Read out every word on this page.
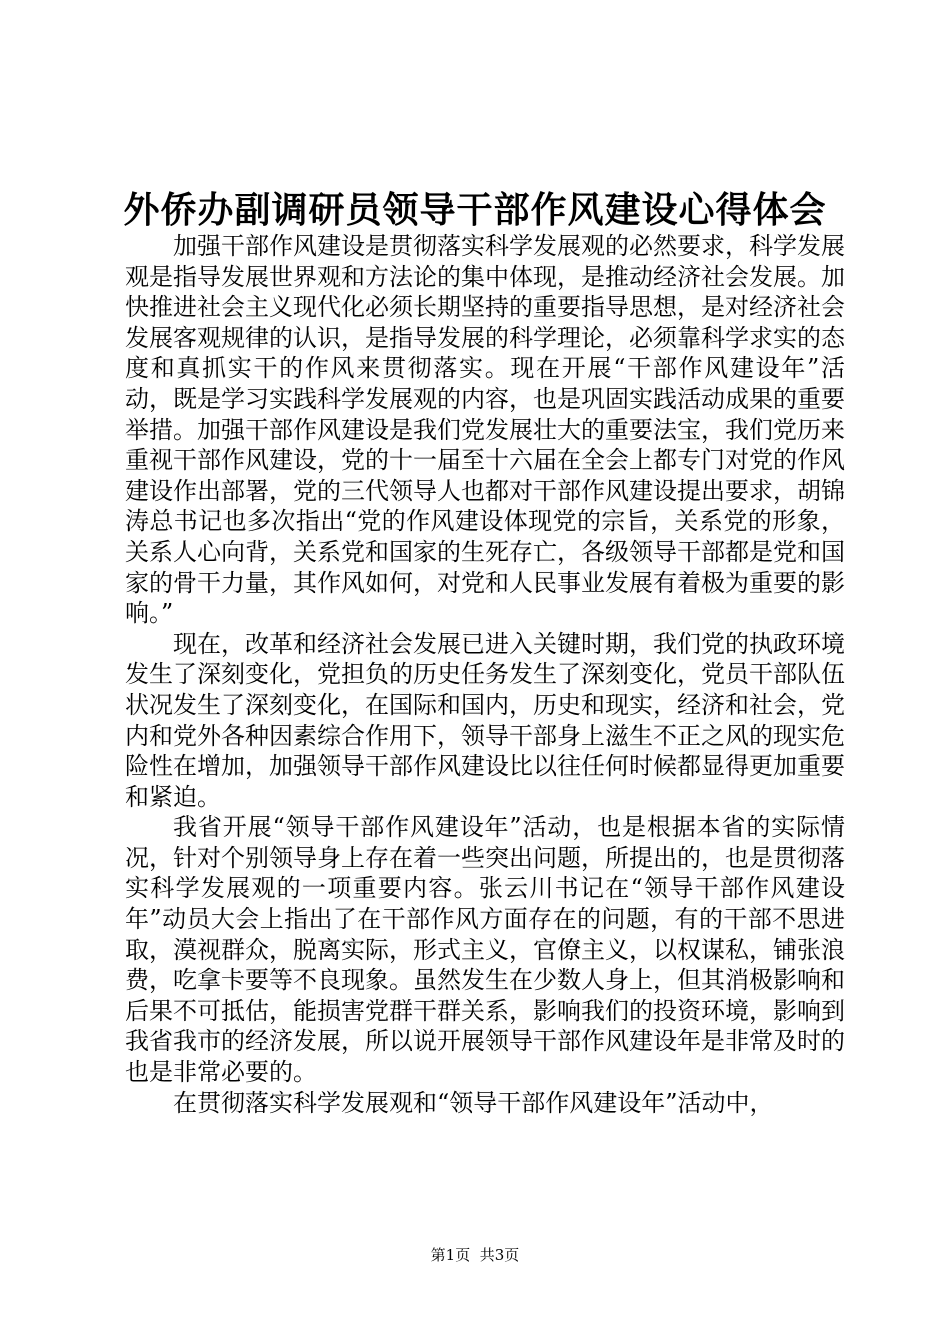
外侨办副调研员领导干部作风建设心得体会

加强干部作风建设是贯彻落实科学发展观的必然要求，科学发展观是指导发展世界观和方法论的集中体现，是推动经济社会发展。加快推进社会主义现代化必须长期坚持的重要指导思想，是对经济社会发展客观规律的认识，是指导发展的科学理论，必须靠科学求实的态度和真抓实干的作风来贯彻落实。现在开展“干部作风建设年”活动，既是学习实践科学发展观的内容，也是巩固实践活动成果的重要举措。加强干部作风建设是我们党发展壮大的重要法宝，我们党历来重视干部作风建设，党的十一届至十六届在全会上都专门对党的作风建设作出部署，党的三代领导人也都对干部作风建设提出要求，胡锦涛总书记也多次指出“党的作风建设体现党的宗旨，关系党的形象，关系人心向背，关系党和国家的生死存亡，各级领导干部都是党和国家的骨干力量，其作风如何，对党和人民事业发展有着极为重要的影响。”

现在，改革和经济社会发展已进入关键时期，我们党的执政环境发生了深刻变化，党担负的历史任务发生了深刻变化，党员干部队伍状况发生了深刻变化，在国际和国内，历史和现实，经济和社会，党内和党外各种因素综合作用下，领导干部身上滋生不正之风的现实危险性在增加，加强领导干部作风建设比以往任何时候都显得更加重要和紧迫。

我省开展“领导干部作风建设年”活动，也是根据本省的实际情况，针对个别领导身上存在着一些突出问题，所提出的，也是贯彻落实科学发展观的一项重要内容。张云川书记在“领导干部作风建设年”动员大会上指出了在干部作风方面存在的问题，有的干部不思进取，漠视群众，脱离实际，形式主义，官僚主义，以权谋私，铺张浪费，吃拿卡要等不良现象。虽然发生在少数人身上，但其消极影响和后果不可抵估，能损害党群干群关系，影响我们的投资环境，影响到我省我市的经济发展，所以说开展领导干部作风建设年是非常及时的也是非常必要的。

在贯彻落实科学发展观和“领导干部作风建设年”活动中，

第1页 共3页
